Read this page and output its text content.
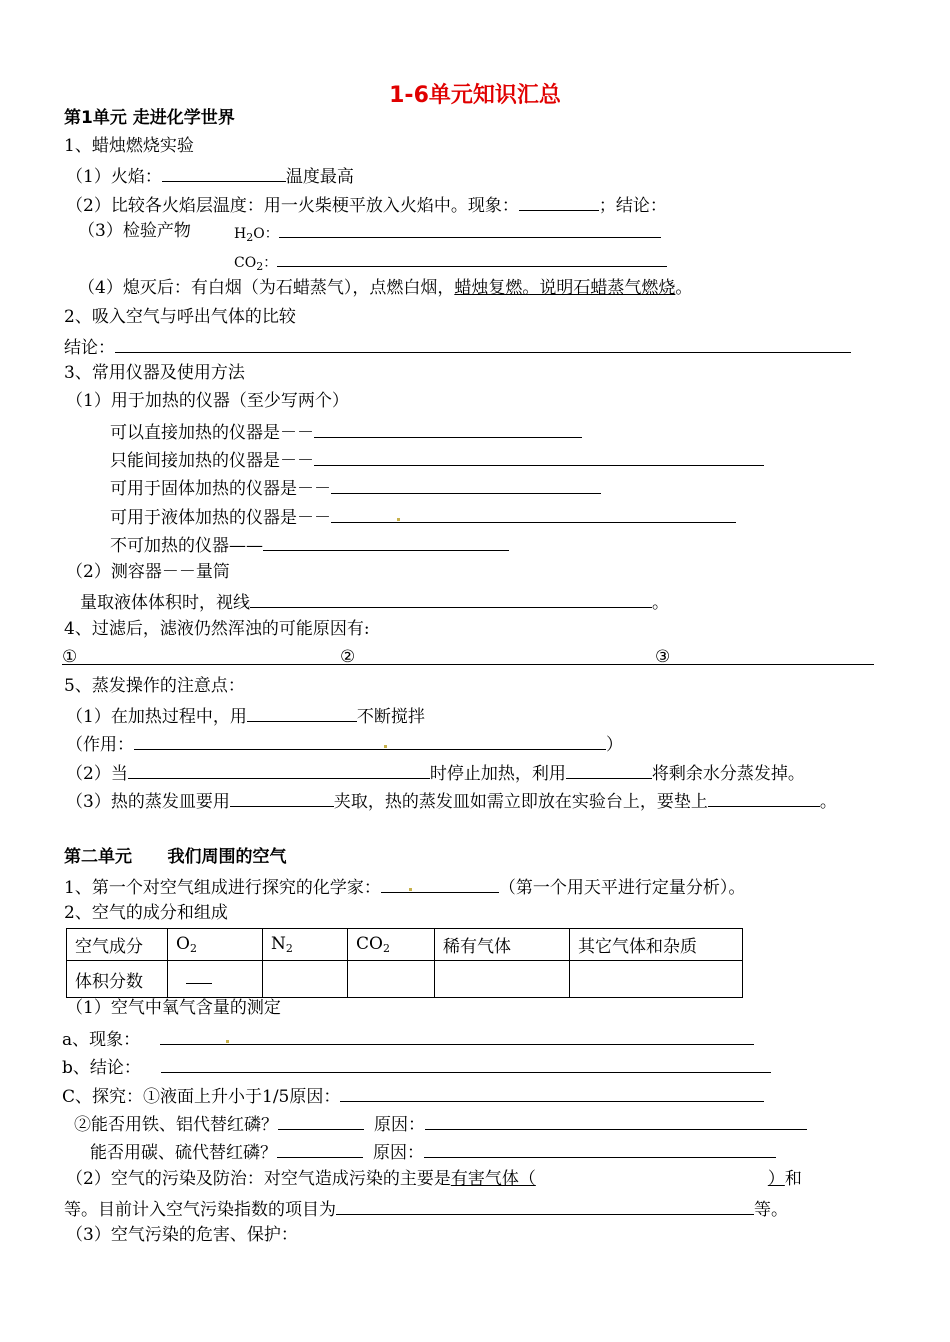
1-6单元知识汇总
第1单元 走进化学世界
1、蜡烛燃烧实验
（1）火焰：	温度最高
（2）比较各火焰层温度：用一火柴梗平放入火焰中。现象：	；结论：
（3）检验产物	$H_2O$：
$CO_2$：
（4）熄灭后：有白烟（为石蜡蒸气），点燃白烟，蜡烛复燃。说明石蜡蒸气燃烧。
2、吸入空气与呼出气体的比较
结论：
3、常用仪器及使用方法
（1）用于加热的仪器（至少写两个）
可以直接加热的仪器是－－
只能间接加热的仪器是－－
可用于固体加热的仪器是－－
可用于液体加热的仪器是－－
不可加热的仪器——
（2）测容器－－量筒
量取液体体积时，视线	。
4、过滤后，滤液仍然浑浊的可能原因有:
①	②	③
5、蒸发操作的注意点：
（1）在加热过程中，用	不断搅拌
（作用：	）
（2）当	时停止加热，利用	将剩余水分蒸发掉。
（3）热的蒸发皿要用	夹取，热的蒸发皿如需立即放在实验台上，要垫上	。
第二单元      我们周围的空气
1、第一个对空气组成进行探究的化学家：	（第一个用天平进行定量分析）。
2、空气的成分和组成
空气成分	$O_2$	$N_2$	$CO_2$	稀有气体	其它气体和杂质
体积分数					
（1）空气中氧气含量的测定
a、现象：
b、结论：
C、探究：①液面上升小于1/5原因：
②能否用铁、铝代替红磷？	原因：
能否用碳、硫代替红磷？	原因：
（2）空气的污染及防治：对空气造成污染的主要是有害气体（	）和
等。目前计入空气污染指数的项目为	等。
（3）空气污染的危害、保护：
